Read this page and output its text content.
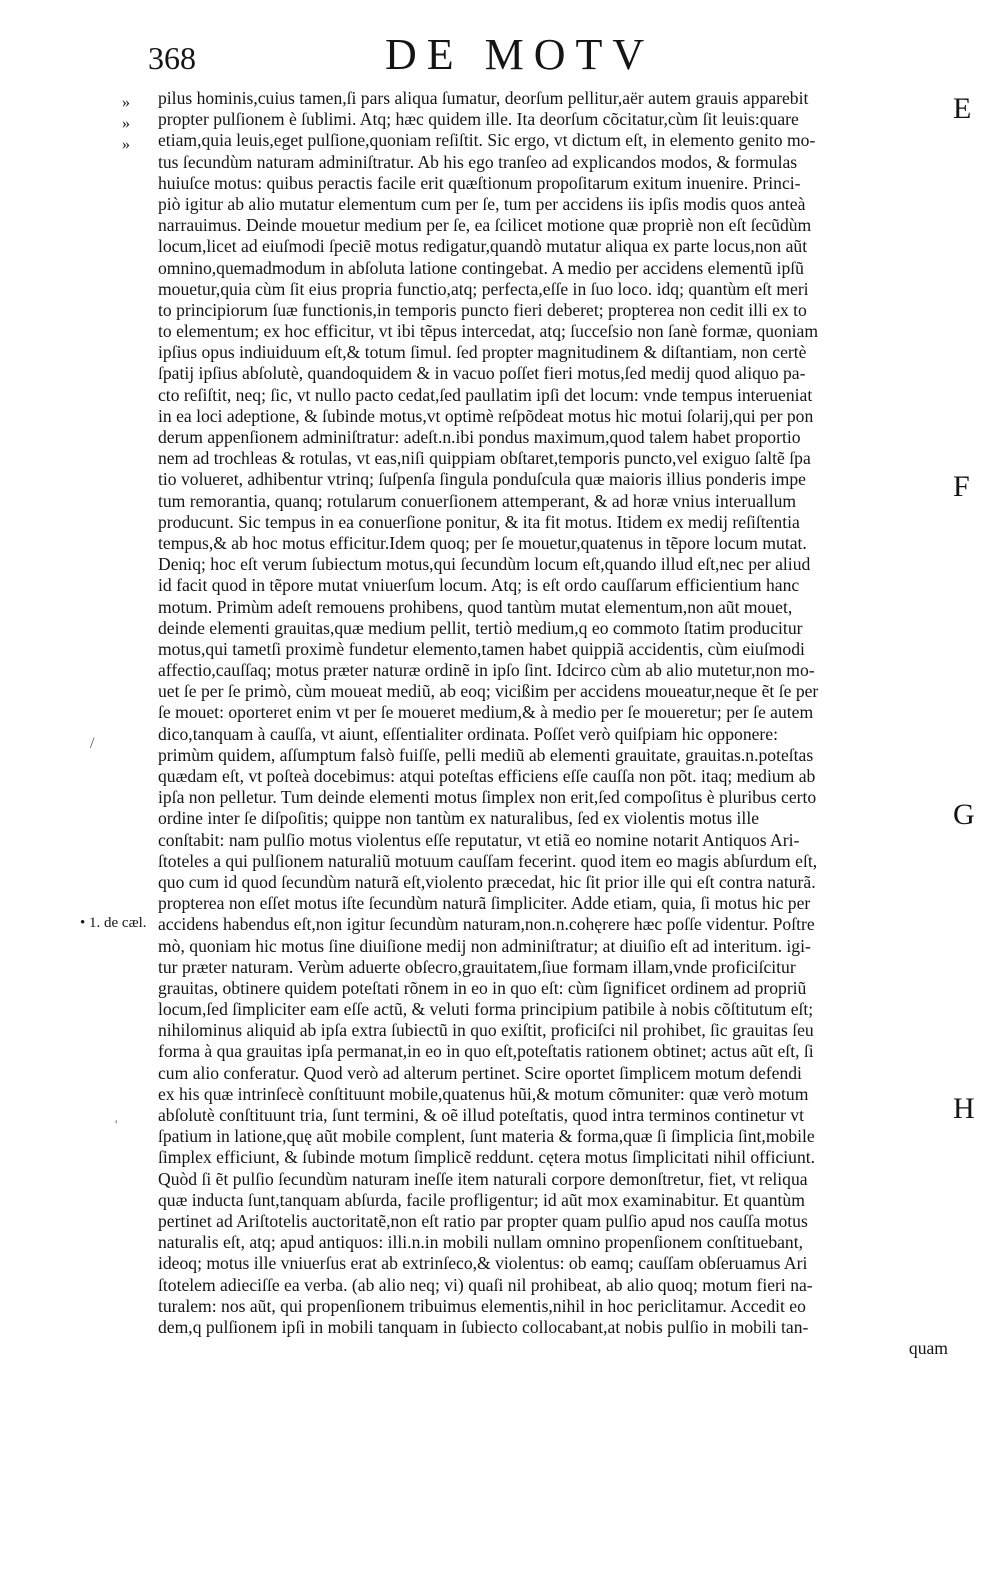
368	DE MOTV
»
»
»
E
F
G
H
• 1. de cæl.
/
'
pilus hominis,cuius tamen,ſi pars aliqua ſumatur, deorſum pellitur,aër autem grauis apparebit
propter pulſionem è ſublimi. Atq; hæc quidem ille. Ita deorſum cõcitatur,cùm ſit leuis:quare
etiam,quia leuis,eget pulſione,quoniam reſiſtit. Sic ergo, vt dictum eſt, in elemento genito mo-
tus ſecundùm naturam adminiſtratur. Ab his ego tranſeo ad explicandos modos, & formulas
huiuſce motus: quibus peractis facile erit quæſtionum propoſitarum exitum inuenire. Princi-
piò igitur ab alio mutatur elementum cum per ſe, tum per accidens iis ipſis modis quos anteà
narrauimus. Deinde mouetur medium per ſe, ea ſcilicet motione quæ propriè non eſt ſecũdùm
locum,licet ad eiuſmodi ſpeciẽ motus redigatur,quandò mutatur aliqua ex parte locus,non aũt
omnino,quemadmodum in abſoluta latione contingebat. A medio per accidens elementũ ipſũ
mouetur,quia cùm ſit eius propria functio,atq; perfecta,eſſe in ſuo loco. idq; quantùm eſt meri
to principiorum ſuæ functionis,in temporis puncto fieri deberet; propterea non cedit illi ex to
to elementum; ex hoc efficitur, vt ibi tẽpus intercedat, atq; ſucceſsio non ſanè formæ, quoniam
ipſius opus indiuiduum eſt,& totum ſimul. ſed propter magnitudinem & diſtantiam, non certè
ſpatij ipſius abſolutè, quandoquidem & in vacuo poſſet fieri motus,ſed medij quod aliquo pa-
cto reſiſtit, neq; ſic, vt nullo pacto cedat,ſed paullatim ipſi det locum: vnde tempus interueniat
in ea loci adeptione, & ſubinde motus,vt optimè reſpõdeat motus hic motui ſolarij,qui per pon
derum appenſionem adminiſtratur: adeſt.n.ibi pondus maximum,quod talem habet proportio
nem ad trochleas & rotulas, vt eas,niſi quippiam obſtaret,temporis puncto,vel exiguo ſaltẽ ſpa
tio volueret, adhibentur vtrinq; ſuſpenſa ſingula ponduſcula quæ maioris illius ponderis impe
tum remorantia, quanq; rotularum conuerſionem attemperant, & ad horæ vnius interuallum
producunt. Sic tempus in ea conuerſione ponitur, & ita fit motus. Itidem ex medij reſiſtentia
tempus,& ab hoc motus efficitur.Idem quoq; per ſe mouetur,quatenus in tẽpore locum mutat.
Deniq; hoc eſt verum ſubiectum motus,qui ſecundùm locum eſt,quando illud eſt,nec per aliud
id facit quod in tẽpore mutat vniuerſum locum. Atq; is eſt ordo cauſſarum efficientium hanc
motum. Primùm adeſt remouens prohibens, quod tantùm mutat elementum,non aũt mouet,
deinde elementi grauitas,quæ medium pellit, tertiò medium,q eo commoto ſtatim producitur
motus,qui tametſi proximè fundetur elemento,tamen habet quippiã accidentis, cùm eiuſmodi
affectio,cauſſaq; motus præter naturæ ordinẽ in ipſo ſint. Idcirco cùm ab alio mutetur,non mo-
uet ſe per ſe primò, cùm moueat mediũ, ab eoq; vicißim per accidens moueatur,neque ẽt ſe per
ſe mouet: oporteret enim vt per ſe moueret medium,& à medio per ſe moueretur; per ſe autem
dico,tanquam à cauſſa, vt aiunt, eſſentialiter ordinata. Poſſet verò quiſpiam hic opponere:
primùm quidem, aſſumptum falsò fuiſſe, pelli mediũ ab elementi grauitate, grauitas.n.poteſtas
quædam eſt, vt poſteà docebimus: atqui poteſtas efficiens eſſe cauſſa non põt. itaq; medium ab
ipſa non pelletur. Tum deinde elementi motus ſimplex non erit,ſed compoſitus è pluribus certo
ordine inter ſe diſpoſitis; quippe non tantùm ex naturalibus, ſed ex violentis motus ille
conſtabit: nam pulſio motus violentus eſſe reputatur, vt etiã eo nomine notarit Antiquos Ari-
ſtoteles a qui pulſionem naturaliũ motuum cauſſam fecerint. quod item eo magis abſurdum eſt,
quo cum id quod ſecundùm naturã eſt,violento præcedat, hic ſit prior ille qui eſt contra naturã.
propterea non eſſet motus iſte ſecundùm naturã ſimpliciter. Adde etiam, quia, ſi motus hic per
accidens habendus eſt,non igitur ſecundùm naturam,non.n.cohęrere hæc poſſe videntur. Poſtre
mò, quoniam hic motus ſine diuiſione medij non adminiſtratur; at diuiſio eſt ad interitum. igi-
tur præter naturam. Verùm aduerte obſecro,grauitatem,ſiue formam illam,vnde proficiſcitur
grauitas, obtinere quidem poteſtati rõnem in eo in quo eſt: cùm ſignificet ordinem ad propriũ
locum,ſed ſimpliciter eam eſſe actũ, & veluti forma principium patibile à nobis cõſtitutum eſt;
nihilominus aliquid ab ipſa extra ſubiectũ in quo exiſtit, proficiſci nil prohibet, ſic grauitas ſeu
forma à qua grauitas ipſa permanat,in eo in quo eſt,poteſtatis rationem obtinet; actus aũt eſt, ſi
cum alio conferatur. Quod verò ad alterum pertinet. Scire oportet ſimplicem motum defendi
ex his quæ intrinſecè conſtituunt mobile,quatenus hũi,& motum cõmuniter: quæ verò motum
abſolutè conſtituunt tria, ſunt termini, & oẽ illud poteſtatis, quod intra terminos continetur vt
ſpatium in latione,quę aũt mobile complent, ſunt materia & forma,quæ ſi ſimplicia ſint,mobile
ſimplex efficiunt, & ſubinde motum ſimplicẽ reddunt. cętera motus ſimplicitati nihil officiunt.
Quòd ſi ẽt pulſio ſecundùm naturam ineſſe item naturali corpore demonſtretur, fiet, vt reliqua
quæ inducta ſunt,tanquam abſurda, facile profligentur; id aũt mox examinabitur. Et quantùm
pertinet ad Ariſtotelis auctoritatẽ,non eſt ratio par propter quam pulſio apud nos cauſſa motus
naturalis eſt, atq; apud antiquos: illi.n.in mobili nullam omnino propenſionem conſtituebant,
ideoq; motus ille vniuerſus erat ab extrinſeco,& violentus: ob eamq; cauſſam obſeruamus Ari
ſtotelem adieciſſe ea verba. (ab alio neq; vi) quaſi nil prohibeat, ab alio quoq; motum fieri na-
turalem: nos aũt, qui propenſionem tribuimus elementis,nihil in hoc periclitamur. Accedit eo
dem,q pulſionem ipſi in mobili tanquam in ſubiecto collocabant,at nobis pulſio in mobili tan-
quam
